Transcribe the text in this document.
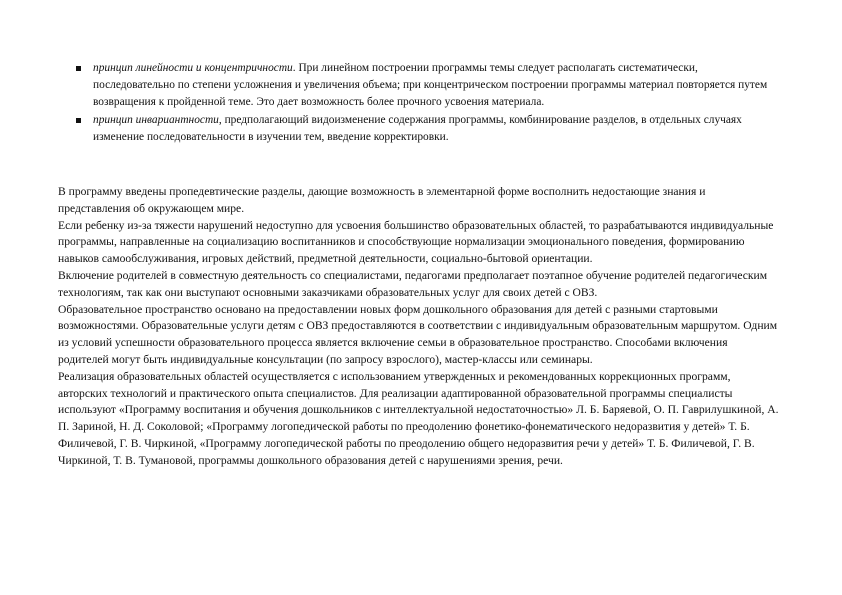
принцип линейности и концентричности. При линейном построении программы темы следует располагать систематически, последовательно по степени усложнения и увеличения объема; при концентрическом построении программы материал повторяется путем возвращения к пройденной теме. Это дает возможность более прочного усвоения материала.
принцип инвариантности, предполагающий видоизменение содержания программы, комбинирование разделов, в отдельных случаях изменение последовательности в изучении тем, введение корректировки.

В программу введены пропедевтические разделы, дающие возможность в элементарной форме восполнить недостающие знания и представления об окружающем мире.

Если ребенку из-за тяжести нарушений недоступно для усвоения большинство образовательных областей, то разрабатываются индивидуальные программы, направленные на социализацию воспитанников и способствующие нормализации эмоционального поведения, формированию навыков самообслуживания, игровых действий, предметной деятельности, социально-бытовой ориентации.

Включение родителей в совместную деятельность со специалистами, педагогами предполагает поэтапное обучение родителей педагогическим технологиям, так как они выступают основными заказчиками образовательных услуг для своих детей с ОВЗ.

Образовательное пространство основано на предоставлении новых форм дошкольного образования для детей с разными стартовыми возможностями. Образовательные услуги детям с ОВЗ предоставляются в соответствии с индивидуальным образовательным маршрутом. Одним из условий успешности образовательного процесса является включение семьи в образовательное пространство. Способами включения родителей могут быть индивидуальные консультации (по запросу взрослого), мастер-классы или семинары.

Реализация образовательных областей осуществляется с использованием утвержденных и рекомендованных коррекционных программ, авторских технологий и практического опыта специалистов. Для реализации адаптированной образовательной программы специалисты используют «Программу воспитания и обучения дошкольников с интеллектуальной недостаточностью» Л. Б. Баряевой, О. П. Гаврилушкиной, А. П. Зариной, Н. Д. Соколовой; «Программу логопедической работы по преодолению фонетико-фонематического недоразвития у детей» Т. Б. Филичевой, Г. В. Чиркиной, «Программу логопедической работы по преодолению общего недоразвития речи у детей» Т. Б. Филичевой, Г. В. Чиркиной, Т. В. Тумановой, программы дошкольного образования детей с нарушениями зрения, речи.
